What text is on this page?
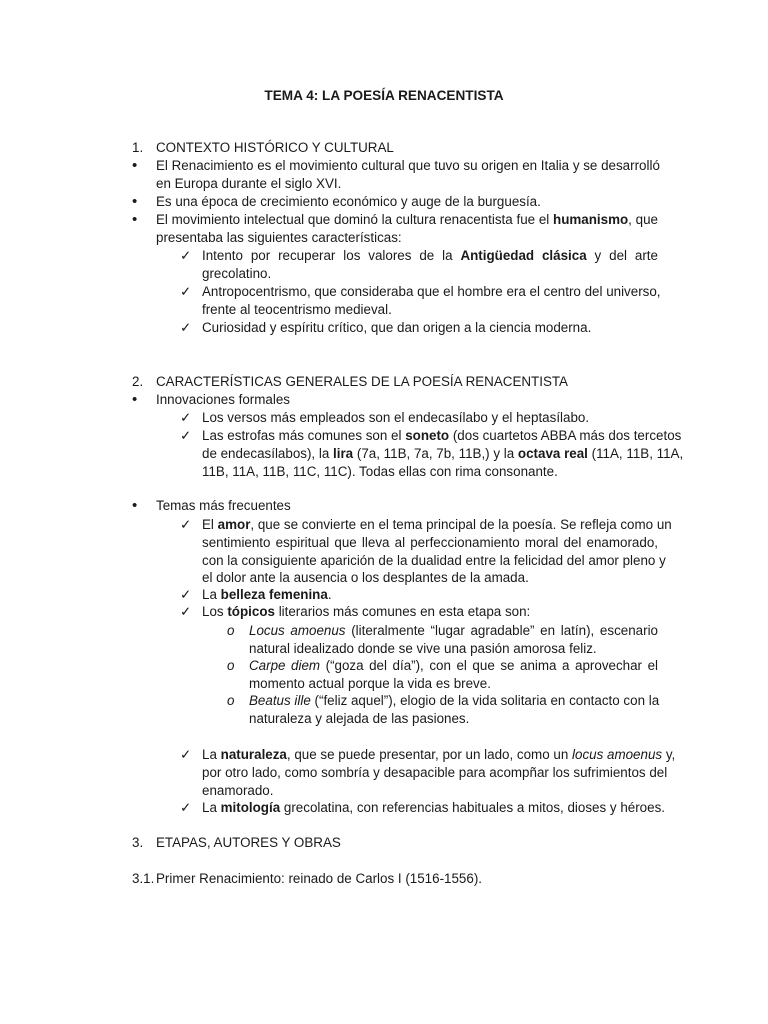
TEMA 4: LA POESÍA RENACENTISTA
1. CONTEXTO HISTÓRICO Y CULTURAL
• El Renacimiento es el movimiento cultural que tuvo su origen en Italia y se desarrolló
en Europa durante el siglo XVI.
• Es una época de crecimiento económico y auge de la burguesía.
• El movimiento intelectual que dominó la cultura renacentista fue el humanismo, que
presentaba las siguientes características:
✓ Intento por recuperar los valores de la Antigüedad clásica y del arte
grecolatino.
✓ Antropocentrismo, que consideraba que el hombre era el centro del universo,
frente al teocentrismo medieval.
✓ Curiosidad y espíritu crítico, que dan origen a la ciencia moderna.
2. CARACTERÍSTICAS GENERALES DE LA POESÍA RENACENTISTA
• Innovaciones formales
✓ Los versos más empleados son el endecasílabo y el heptasílabo.
✓ Las estrofas más comunes son el soneto (dos cuartetos ABBA más dos tercetos
de endecasílabos), la lira (7a, 11B, 7a, 7b, 11B,) y la octava real (11A, 11B, 11A,
11B, 11A, 11B, 11C, 11C). Todas ellas con rima consonante.
• Temas más frecuentes
✓ El amor, que se convierte en el tema principal de la poesía. Se refleja como un
sentimiento espiritual que lleva al perfeccionamiento moral del enamorado,
con la consiguiente aparición de la dualidad entre la felicidad del amor pleno y
el dolor ante la ausencia o los desplantes de la amada.
✓ La belleza femenina.
✓ Los tópicos literarios más comunes en esta etapa son:
o Locus amoenus (literalmente “lugar agradable” en latín), escenario
natural idealizado donde se vive una pasión amorosa feliz.
o Carpe diem (“goza del día”), con el que se anima a aprovechar el
momento actual porque la vida es breve.
o Beatus ille (“feliz aquel”), elogio de la vida solitaria en contacto con la
naturaleza y alejada de las pasiones.
✓ La naturaleza, que se puede presentar, por un lado, como un locus amoenus y,
por otro lado, como sombría y desapacible para acompñar los sufrimientos del
enamorado.
✓ La mitología grecolatina, con referencias habituales a mitos, dioses y héroes.
3. ETAPAS, AUTORES Y OBRAS
3.1. Primer Renacimiento: reinado de Carlos I (1516-1556).
